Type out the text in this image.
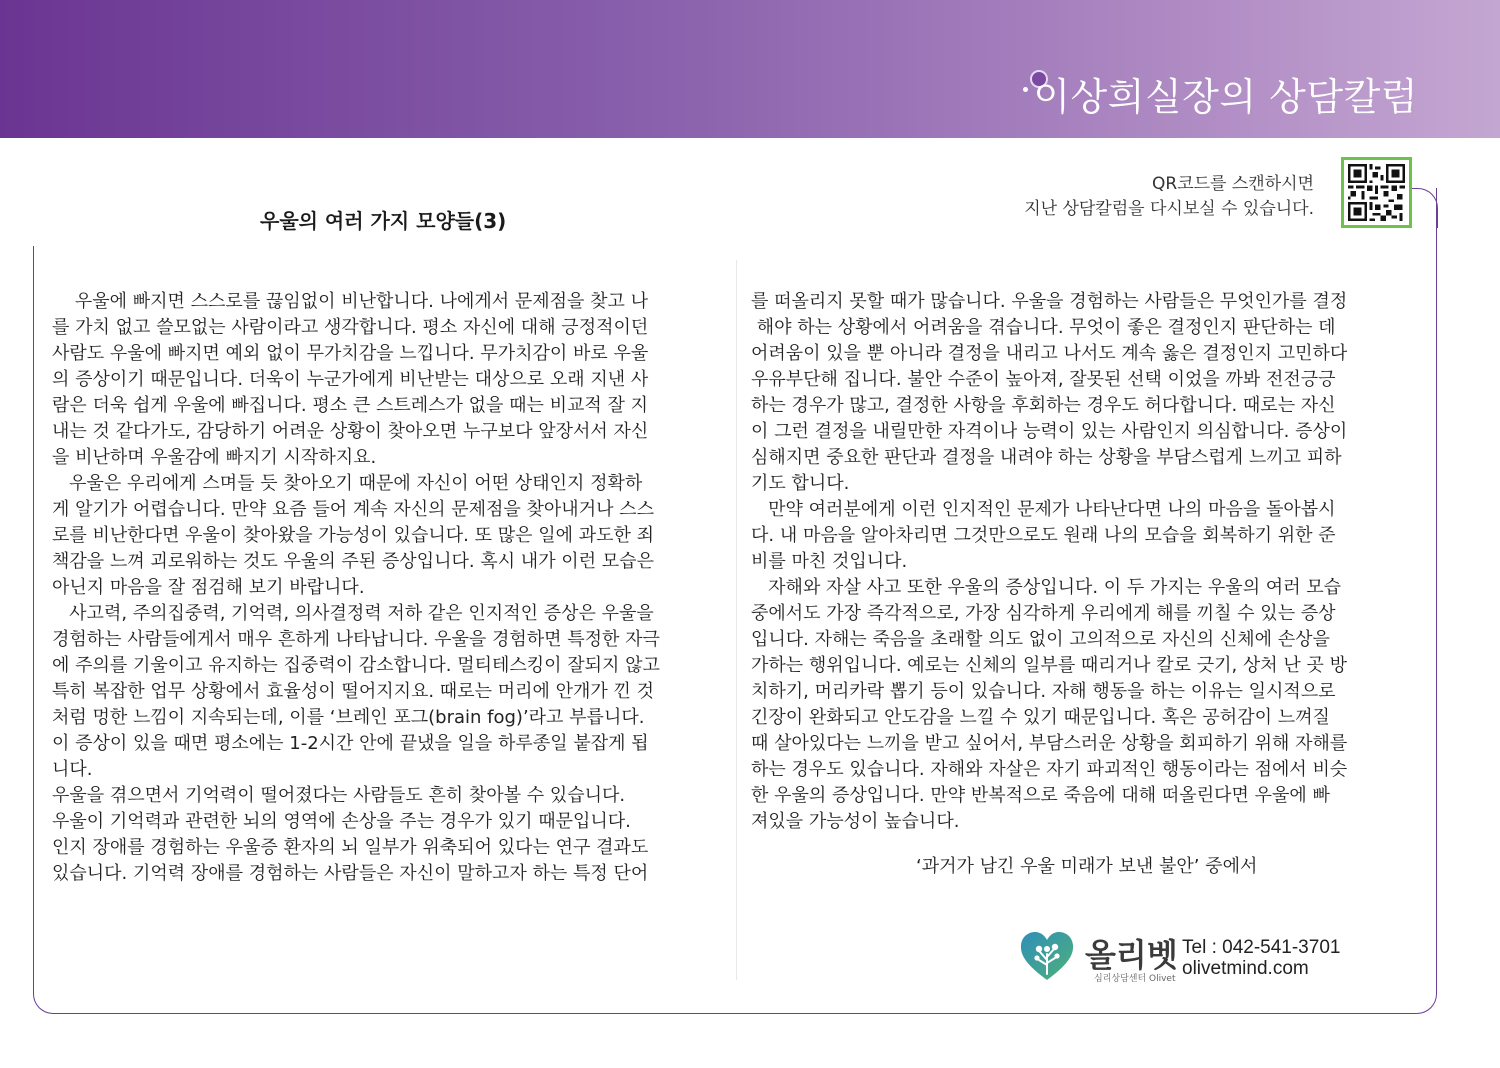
이상희실장의 상담칼럼
우울의 여러 가지 모양들(3)
QR코드를 스캔하시면
지난 상담칼럼을 다시보실 수 있습니다.

우울에 빠지면 스스로를 끊임없이 비난합니다. 나에게서 문제점을 찾고 나

를 가치 없고 쓸모없는 사람이라고 생각합니다. 평소 자신에 대해 긍정적이던

사람도 우울에 빠지면 예외 없이 무가치감을 느낍니다. 무가치감이 바로 우울

의 증상이기 때문입니다. 더욱이 누군가에게 비난받는 대상으로 오래 지낸 사

람은 더욱 쉽게 우울에 빠집니다. 평소 큰 스트레스가 없을 때는 비교적 잘 지

내는 것 같다가도, 감당하기 어려운 상황이 찾아오면 누구보다 앞장서서 자신

을 비난하며 우울감에 빠지기 시작하지요.

우울은 우리에게 스며들 듯 찾아오기 때문에 자신이 어떤 상태인지 정확하

게 알기가 어렵습니다. 만약 요즘 들어 계속 자신의 문제점을 찾아내거나 스스

로를 비난한다면 우울이 찾아왔을 가능성이 있습니다. 또 많은 일에 과도한 죄

책감을 느껴 괴로워하는 것도 우울의 주된 증상입니다. 혹시 내가 이런 모습은

아닌지 마음을 잘 점검해 보기 바랍니다.

사고력, 주의집중력, 기억력, 의사결정력 저하 같은 인지적인 증상은 우울을

경험하는 사람들에게서 매우 흔하게 나타납니다. 우울을 경험하면 특정한 자극

에 주의를 기울이고 유지하는 집중력이 감소합니다. 멀티테스킹이 잘되지 않고

특히 복잡한 업무 상황에서 효율성이 떨어지지요. 때로는 머리에 안개가 낀 것

처럼 멍한 느낌이 지속되는데, 이를 ‘브레인 포그(brain fog)’라고 부릅니다.

이 증상이 있을 때면 평소에는 1-2시간 안에 끝냈을 일을 하루종일 붙잡게 됩

니다.

우울을 겪으면서 기억력이 떨어졌다는 사람들도 흔히 찾아볼 수 있습니다.

우울이 기억력과 관련한 뇌의 영역에 손상을 주는 경우가 있기 때문입니다.

인지 장애를 경험하는 우울증 환자의 뇌 일부가 위축되어 있다는 연구 결과도

있습니다. 기억력 장애를 경험하는 사람들은 자신이 말하고자 하는 특정 단어

를 떠올리지 못할 때가 많습니다. 우울을 경험하는 사람들은 무엇인가를 결정

해야 하는 상황에서 어려움을 겪습니다. 무엇이 좋은 결정인지 판단하는 데

어려움이 있을 뿐 아니라 결정을 내리고 나서도 계속 옳은 결정인지 고민하다

우유부단해 집니다. 불안 수준이 높아져, 잘못된 선택 이었을 까봐 전전긍긍

하는 경우가 많고, 결정한 사항을 후회하는 경우도 허다합니다. 때로는 자신

이 그런 결정을 내릴만한 자격이나 능력이 있는 사람인지 의심합니다. 증상이

심해지면 중요한 판단과 결정을 내려야 하는 상황을 부담스럽게 느끼고 피하

기도 합니다.

만약 여러분에게 이런 인지적인 문제가 나타난다면 나의 마음을 돌아봅시

다. 내 마음을 알아차리면 그것만으로도 원래 나의 모습을 회복하기 위한 준

비를 마친 것입니다.

자해와 자살 사고 또한 우울의 증상입니다. 이 두 가지는 우울의 여러 모습

중에서도 가장 즉각적으로, 가장 심각하게 우리에게 해를 끼칠 수 있는 증상

입니다. 자해는 죽음을 초래할 의도 없이 고의적으로 자신의 신체에 손상을

가하는 행위입니다. 예로는 신체의 일부를 때리거나 칼로 긋기, 상처 난 곳 방

치하기, 머리카락 뽑기 등이 있습니다. 자해 행동을 하는 이유는 일시적으로

긴장이 완화되고 안도감을 느낄 수 있기 때문입니다. 혹은 공허감이 느껴질

때 살아있다는 느끼을 받고 싶어서, 부담스러운 상황을 회피하기 위해 자해를

하는 경우도 있습니다. 자해와 자살은 자기 파괴적인 행동이라는 점에서 비슷

한 우울의 증상입니다. 만약 반복적으로 죽음에 대해 떠올린다면 우울에 빠

져있을 가능성이 높습니다.

‘과거가 남긴 우울 미래가 보낸 불안’ 중에서
올리벳
심리상담센터 Olivet
Tel : 042-541-3701
olivetmind.com
